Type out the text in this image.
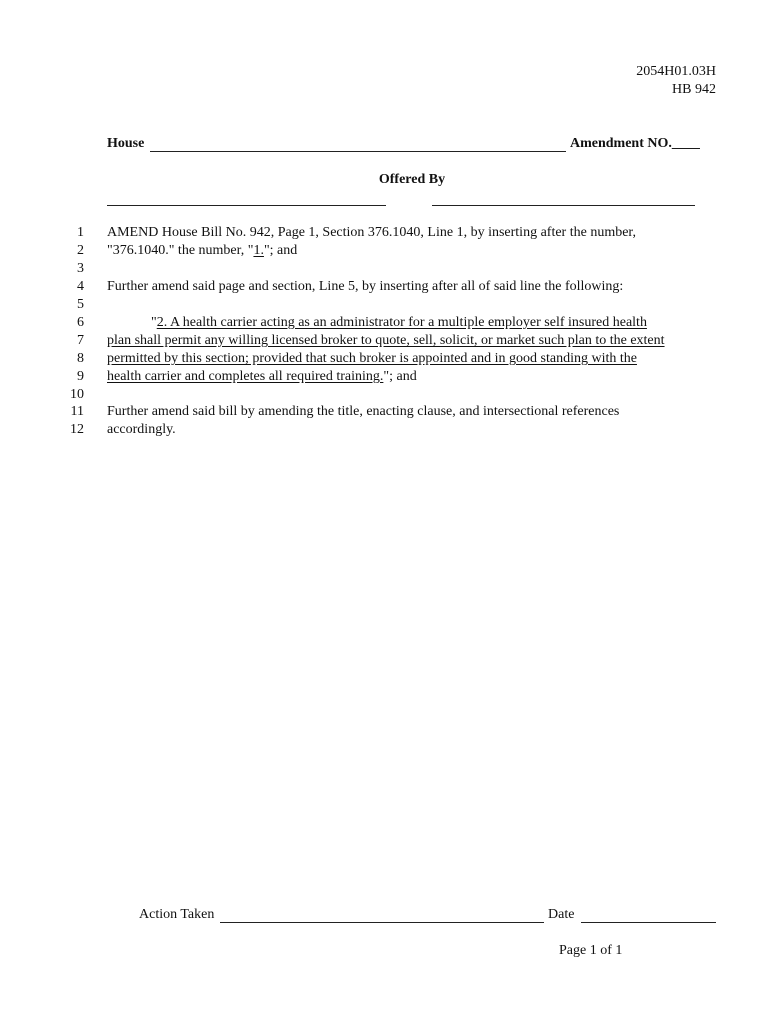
2054H01.03H
HB 942
House	Amendment NO.____
Offered By
1
2
3
4
5
6
7
8
9
10
11
12
AMEND House Bill No. 942, Page 1, Section 376.1040, Line 1, by inserting after the number,
"376.1040." the number, "1."; and
Further amend said page and section, Line 5, by inserting after all of said line the following:
"2. A health carrier acting as an administrator for a multiple employer self insured health
plan shall permit any willing licensed broker to quote, sell, solicit, or market such plan to the extent
permitted by this section; provided that such broker is appointed and in good standing with the
health carrier and completes all required training."; and
Further amend said bill by amending the title, enacting clause, and intersectional references
accordingly.
Action Taken	Date
Page 1 of 1
